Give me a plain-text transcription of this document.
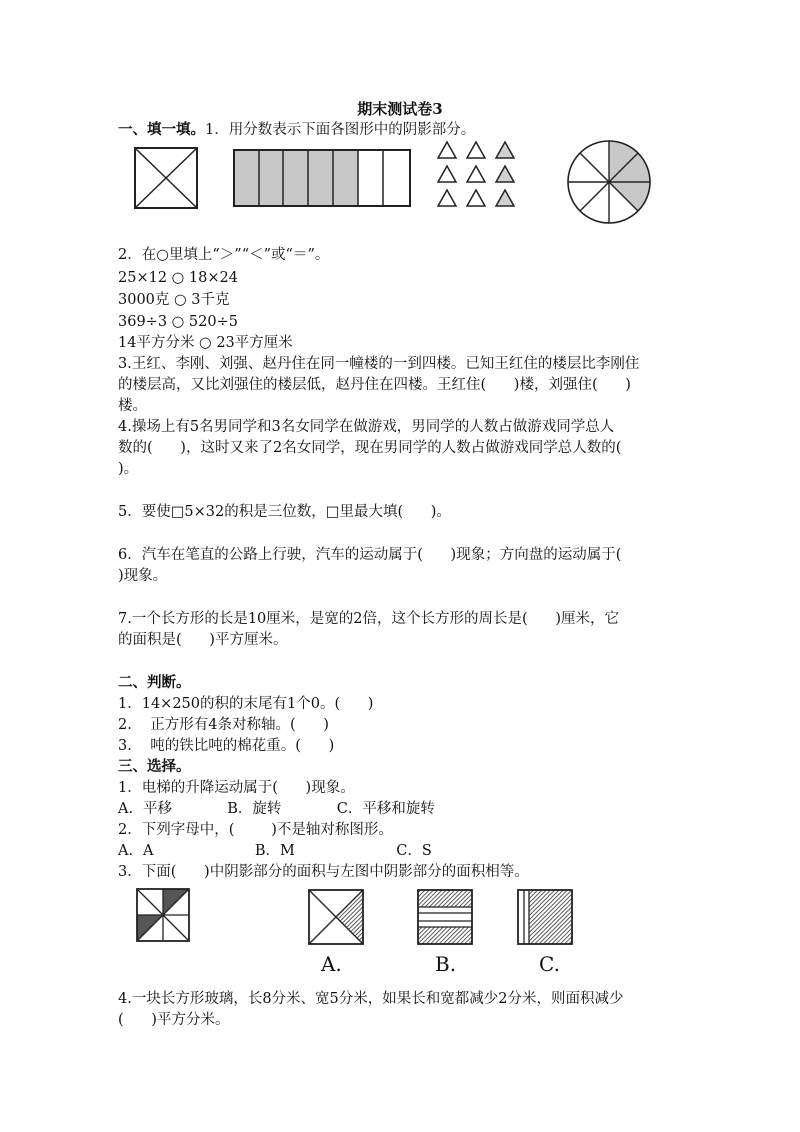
期末测试卷3
一、填一填。1．用分数表示下面各图形中的阴影部分。
2．在○里填上“＞”“＜”或“＝”。
25×12 ○ 18×24
3000克 ○ 3千克
369÷3 ○ 520÷5
14平方分米 ○ 23平方厘米
3.王红、李刚、刘强、赵丹住在同一幢楼的一到四楼。已知王红住的楼层比李刚住
的楼层高，又比刘强住的楼层低，赵丹住在四楼。王红住(      )楼，刘强住(      )
楼。
4.操场上有5名男同学和3名女同学在做游戏，男同学的人数占做游戏同学总人
数的(      )，这时又来了2名女同学，现在男同学的人数占做游戏同学总人数的(
)。
5．要使□5×32的积是三位数，□里最大填(      )。
6．汽车在笔直的公路上行驶，汽车的运动属于(      )现象；方向盘的运动属于(
)现象。
7.一个长方形的长是10厘米，是宽的2倍，这个长方形的周长是(      )厘米，它
的面积是(      )平方厘米。
二、判断。
1．14×250的积的末尾有1个0。(      )
2.    正方形有4条对称轴。(      )
3.    吨的铁比吨的棉花重。(      )
三、选择。
1．电梯的升降运动属于(      )现象。
A．平移            B．旋转            C．平移和旋转
2．下列字母中，(        )不是轴对称图形。
A．A                      B．M                      C．S
3．下面(      )中阴影部分的面积与左图中阴影部分的面积相等。
A.	B.	C.
4.一块长方形玻璃，长8分米、宽5分米，如果长和宽都减少2分米，则面积减少
(      )平方分米。
